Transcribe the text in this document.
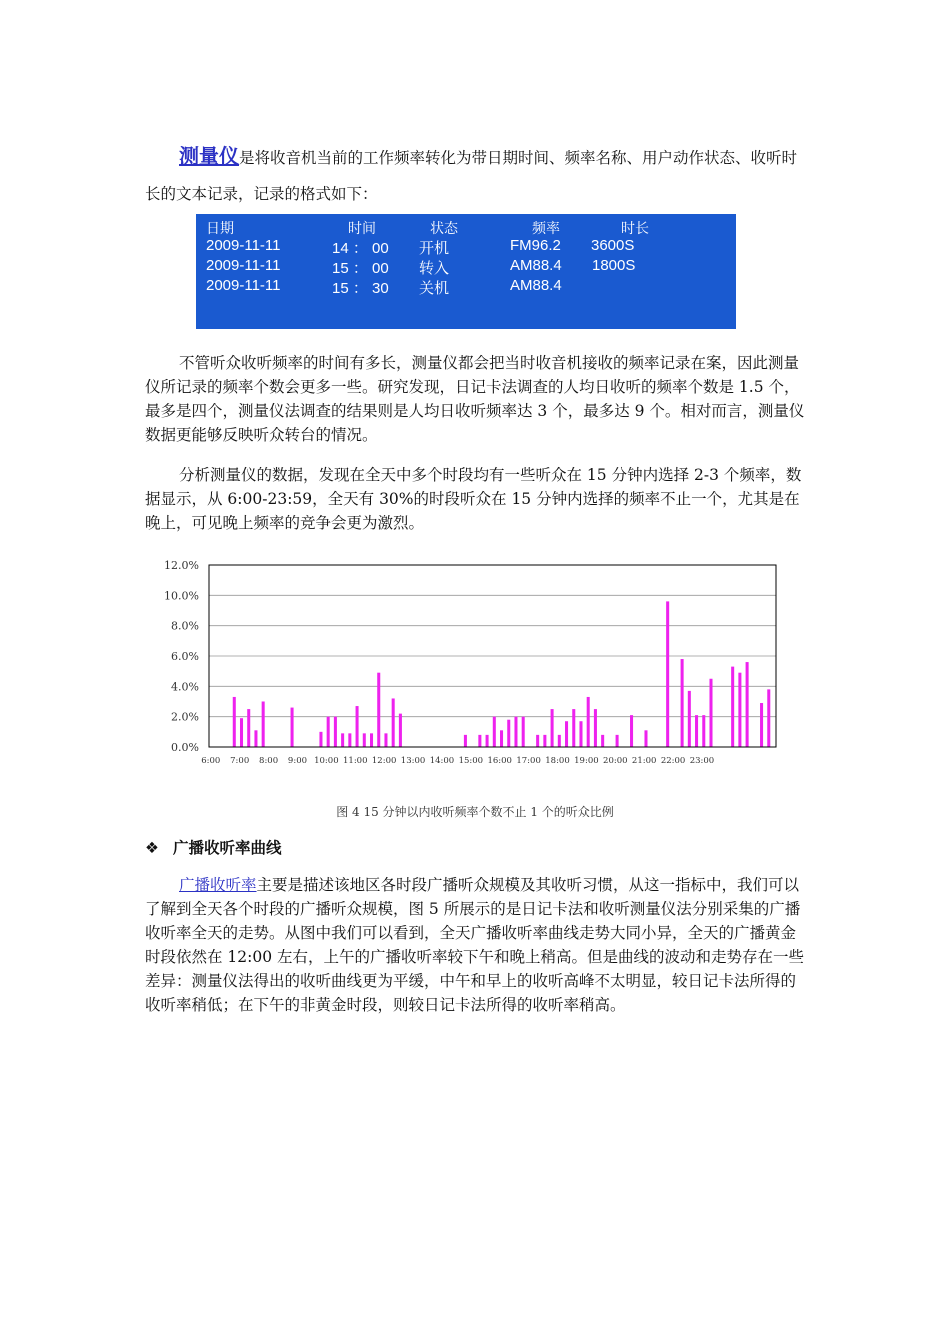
测量仪是将收音机当前的工作频率转化为带日期时间、频率名称、用户动作状态、收听时长的文本记录，记录的格式如下：

日期	时间	状态	频率	时长
2009-11-11	14 ： 00 开机	FM96.2 3600S
2009-11-11	15 ： 00 转入	AM88.4 1800S
2009-11-11	15 ： 30 关机	AM88.4

不管听众收听频率的时间有多长，测量仪都会把当时收音机接收的频率记录在案，因此测量仪所记录的频率个数会更多一些。研究发现，日记卡法调查的人均日收听的频率个数是 1.5 个，最多是四个，测量仪法调查的结果则是人均日收听频率达 3 个，最多达 9 个。相对而言，测量仪数据更能够反映听众转台的情况。

分析测量仪的数据，发现在全天中多个时段均有一些听众在 15 分钟内选择 2-3 个频率，数据显示，从 6:00-23:59，全天有 30%的时段听众在 15 分钟内选择的频率不止一个，尤其是在晚上，可见晚上频率的竞争会更为激烈。

0.0%
2.0%
4.0%
6.0%
8.0%
10.0%
12.0%
6:00 7:00 8:00 9:00 10:00 11:00 12:00 13:00 14:00 15:00 16:00 17:00 18:00 19:00 20:00 21:00 22:00 23:00
图 4 15 分钟以内收听频率个数不止 1 个的听众比例
❖ 广播收听率曲线

广播收听率主要是描述该地区各时段广播听众规模及其收听习惯，从这一指标中，我们可以了解到全天各个时段的广播听众规模，图 5 所展示的是日记卡法和收听测量仪法分别采集的广播收听率全天的走势。从图中我们可以看到，全天广播收听率曲线走势大同小异，全天的广播黄金时段依然在 12:00 左右，上午的广播收听率较下午和晚上稍高。但是曲线的波动和走势存在一些差异：测量仪法得出的收听曲线更为平缓，中午和早上的收听高峰不太明显，较日记卡法所得的收听率稍低；在下午的非黄金时段，则较日记卡法所得的收听率稍高。
